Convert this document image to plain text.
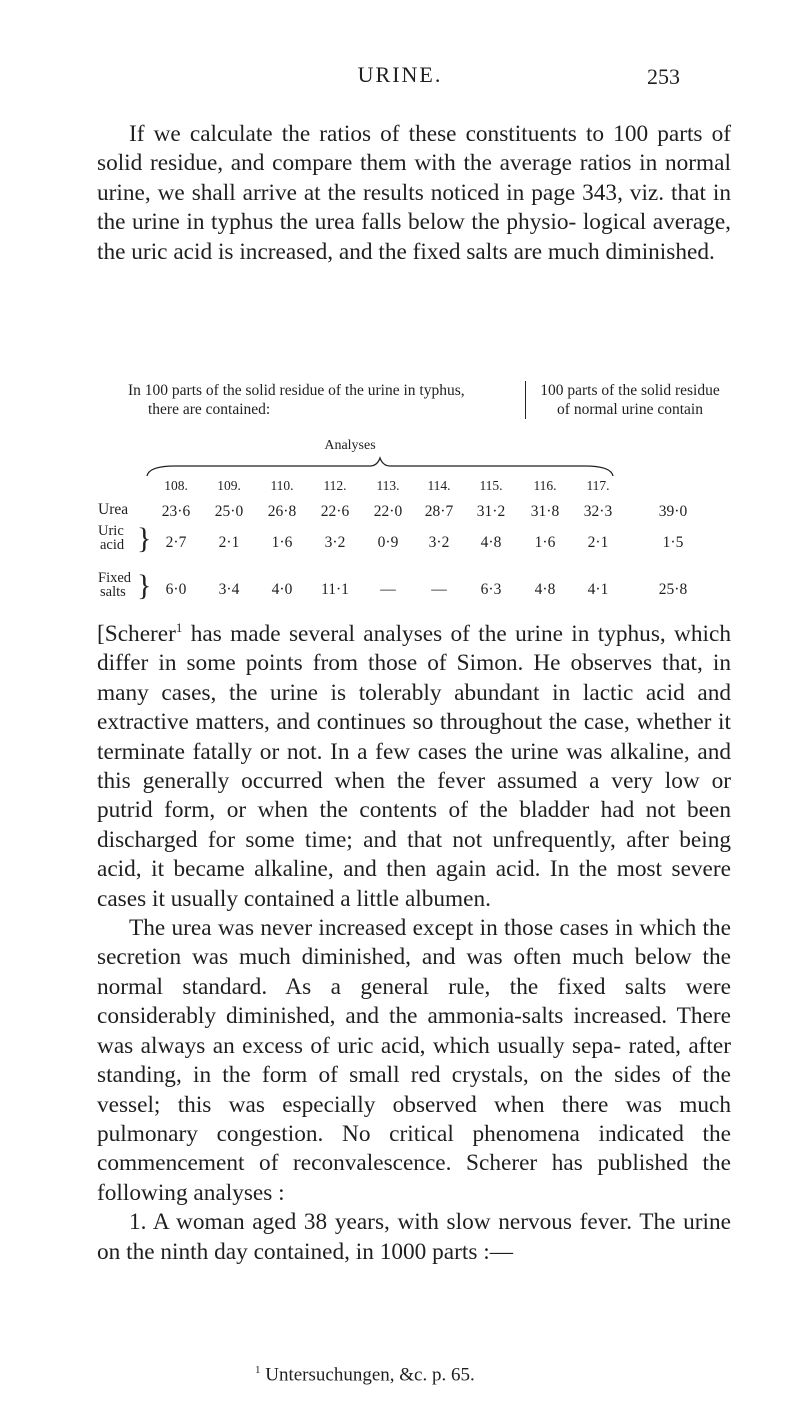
URINE.	253

If we calculate the ratios of these constituents to 100 parts of solid residue, and compare them with the average ratios in normal urine, we shall arrive at the results noticed in page 343, viz. that in the urine in typhus the urea falls below the physio- logical average, the uric acid is increased, and the fixed salts are much diminished.

In 100 parts of the solid residue of the urine in typhus,
there are contained:
100 parts of the solid residue of normal urine contain
Analyses
108.	109.	110.	112.	113.	114.	115.	116.	117.
Urea	23·6	25·0	26·8	22·6	22·0	28·7	31·2	31·8	32·3	39·0
}
Uric
acid	2·7	2·1	1·6	3·2	0·9	3·2	4·8	1·6	2·1	1·5
}
Fixed
salts	6·0	3·4	4·0	11·1	—	—	6·3	4·8	4·1	25·8

[Scherer$^1$ has made several analyses of the urine in typhus, which differ in some points from those of Simon. He observes that, in many cases, the urine is tolerably abundant in lactic acid and extractive matters, and continues so throughout the case, whether it terminate fatally or not. In a few cases the urine was alkaline, and this generally occurred when the fever assumed a very low or putrid form, or when the contents of the bladder had not been discharged for some time; and that not unfrequently, after being acid, it became alkaline, and then again acid. In the most severe cases it usually contained a little albumen.

The urea was never increased except in those cases in which the secretion was much diminished, and was often much below the normal standard. As a general rule, the fixed salts were considerably diminished, and the ammonia-salts increased. There was always an excess of uric acid, which usually sepa- rated, after standing, in the form of small red crystals, on the sides of the vessel; this was especially observed when there was much pulmonary congestion. No critical phenomena indicated the commencement of reconvalescence. Scherer has published the following analyses :

1. A woman aged 38 years, with slow nervous fever. The urine on the ninth day contained, in 1000 parts :—

$^1$ Untersuchungen, &c. p. 65.
